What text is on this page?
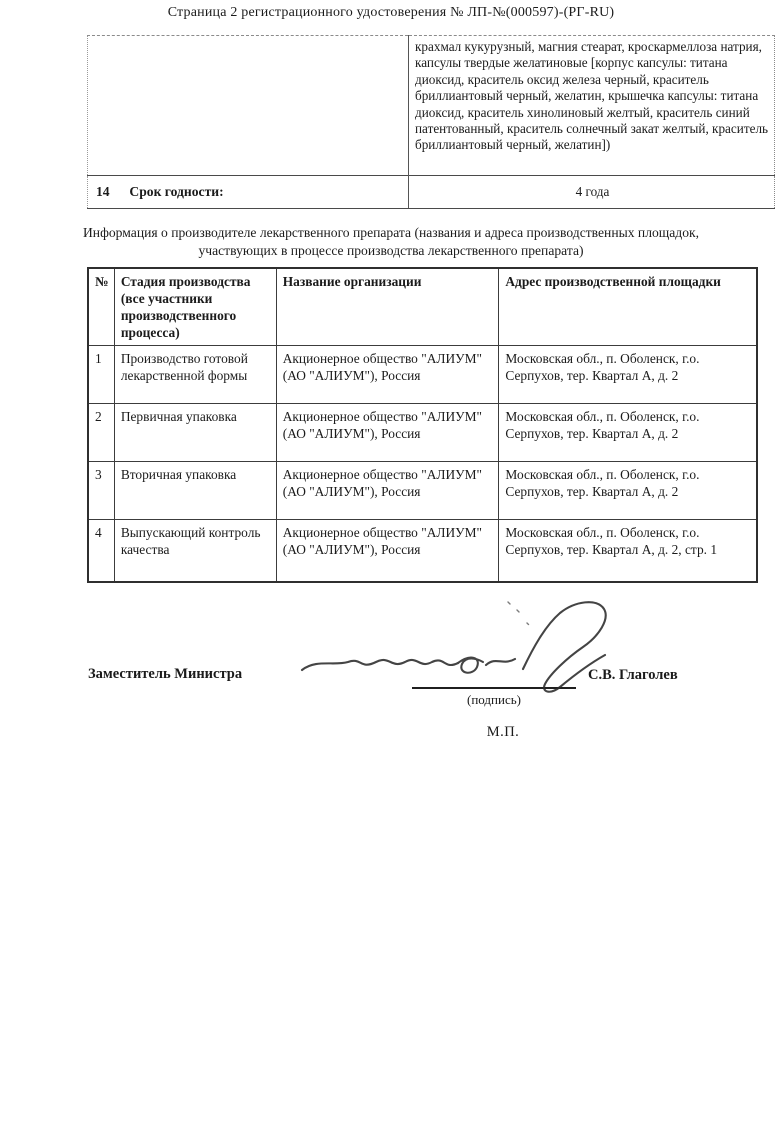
Страница 2 регистрационного удостоверения № ЛП-№(000597)-(РГ-RU)
	крахмал кукурузный, магния стеарат, кроскармеллоза натрия, капсулы твердые желатиновые [корпус капсулы: титана диоксид, краситель оксид железа черный, краситель бриллиантовый черный, желатин, крышечка капсулы: титана диоксид, краситель хинолиновый желтый, краситель синий патентованный, краситель солнечный закат желтый, краситель бриллиантовый черный, желатин])
14 Срок годности:	4 года
Информация о производителе лекарственного препарата (названия и адреса производственных площадок, участвующих в процессе производства лекарственного препарата)
№	Стадия производства (все участники производственного процесса)	Название организации	Адрес производственной площадки
1	Производство готовой лекарственной формы	Акционерное общество "АЛИУМ" (АО "АЛИУМ"), Россия	Московская обл., п. Оболенск, г.о. Серпухов, тер. Квартал А, д. 2
2	Первичная упаковка	Акционерное общество "АЛИУМ" (АО "АЛИУМ"), Россия	Московская обл., п. Оболенск, г.о. Серпухов, тер. Квартал А, д. 2
3	Вторичная упаковка	Акционерное общество "АЛИУМ" (АО "АЛИУМ"), Россия	Московская обл., п. Оболенск, г.о. Серпухов, тер. Квартал А, д. 2
4	Выпускающий контроль качества	Акционерное общество "АЛИУМ" (АО "АЛИУМ"), Россия	Московская обл., п. Оболенск, г.о. Серпухов, тер. Квартал А, д. 2, стр. 1
Заместитель Министра
(подпись)
С.В. Глаголев
М.П.
